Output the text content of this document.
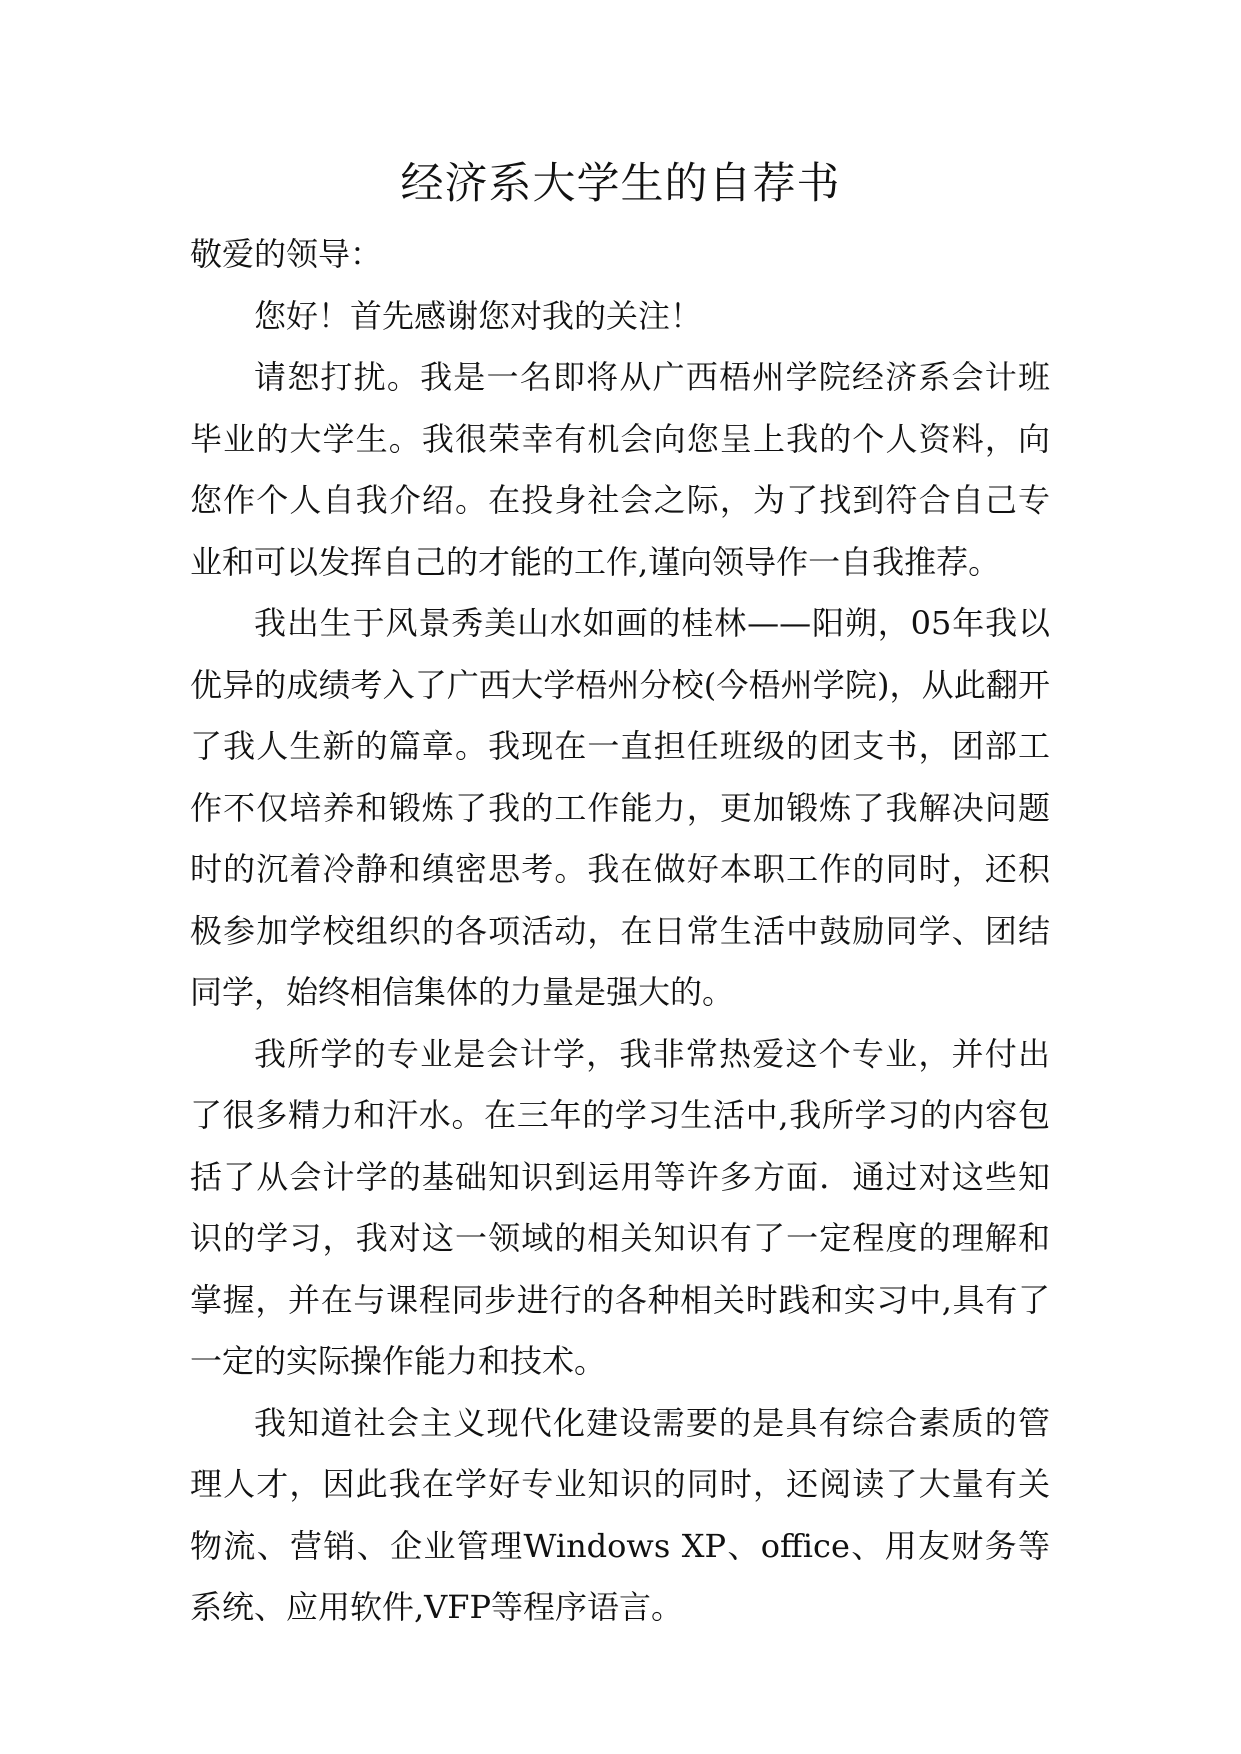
经济系大学生的自荐书

敬爱的领导：

您好！首先感谢您对我的关注！

请恕打扰。我是一名即将从广西梧州学院经济系会计班毕业的大学生。我很荣幸有机会向您呈上我的个人资料，向您作个人自我介绍。在投身社会之际，为了找到符合自己专业和可以发挥自己的才能的工作,谨向领导作一自我推荐。

我出生于风景秀美山水如画的桂林——阳朔，05年我以优异的成绩考入了广西大学梧州分校(今梧州学院)，从此翻开了我人生新的篇章。我现在一直担任班级的团支书，团部工作不仅培养和锻炼了我的工作能力，更加锻炼了我解决问题时的沉着冷静和缜密思考。我在做好本职工作的同时，还积极参加学校组织的各项活动，在日常生活中鼓励同学、团结同学，始终相信集体的力量是强大的。

我所学的专业是会计学，我非常热爱这个专业，并付出了很多精力和汗水。在三年的学习生活中,我所学习的内容包括了从会计学的基础知识到运用等许多方面．通过对这些知识的学习，我对这一领域的相关知识有了一定程度的理解和掌握，并在与课程同步进行的各种相关时践和实习中,具有了一定的实际操作能力和技术。

我知道社会主义现代化建设需要的是具有综合素质的管理人才，因此我在学好专业知识的同时，还阅读了大量有关物流、营销、企业管理Windows XP、office、用友财务等系统、应用软件,VFP等程序语言。
